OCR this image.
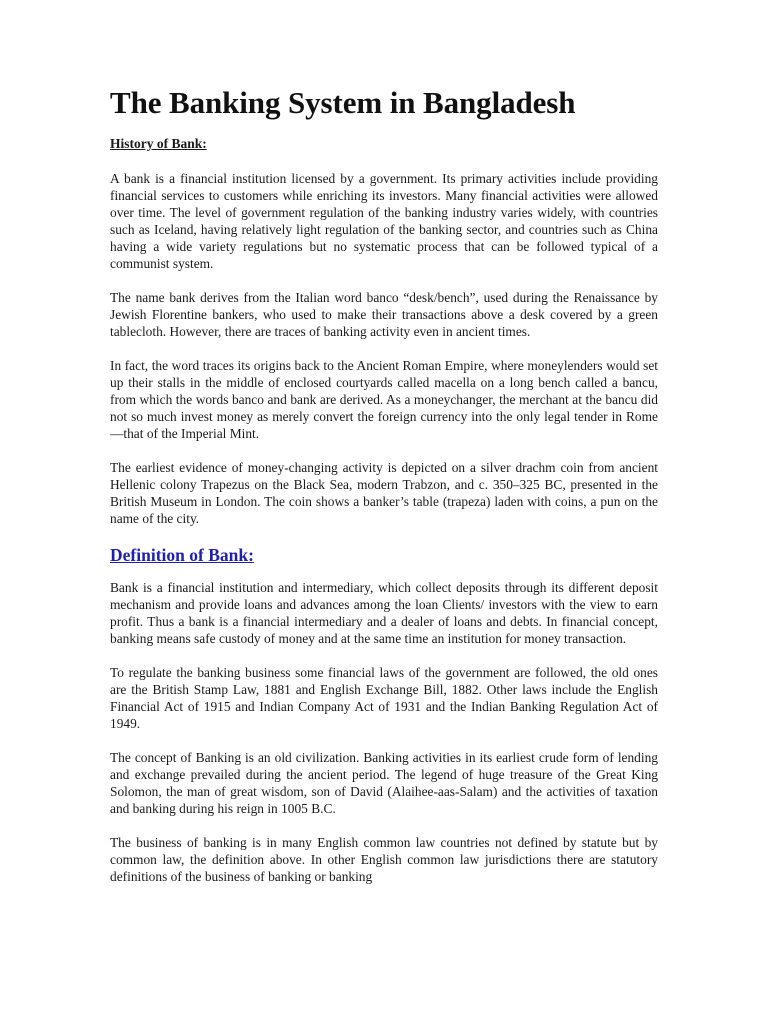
The Banking System in Bangladesh
History of Bank:

A bank is a financial institution licensed by a government. Its primary activities include providing financial services to customers while enriching its investors. Many financial activities were allowed over time. The level of government regulation of the banking industry varies widely, with countries such as Iceland, having relatively light regulation of the banking sector, and countries such as China having a wide variety regulations but no systematic process that can be followed typical of a communist system.

The name bank derives from the Italian word banco “desk/bench”, used during the Renaissance by Jewish Florentine bankers, who used to make their transactions above a desk covered by a green tablecloth. However, there are traces of banking activity even in ancient times.

In fact, the word traces its origins back to the Ancient Roman Empire, where moneylenders would set up their stalls in the middle of enclosed courtyards called macella on a long bench called a bancu, from which the words banco and bank are derived. As a moneychanger, the merchant at the bancu did not so much invest money as merely convert the foreign currency into the only legal tender in Rome—that of the Imperial Mint.

The earliest evidence of money-changing activity is depicted on a silver drachm coin from ancient Hellenic colony Trapezus on the Black Sea, modern Trabzon, and c. 350–325 BC, presented in the British Museum in London. The coin shows a banker’s table (trapeza) laden with coins, a pun on the name of the city.

Definition of Bank:

Bank is a financial institution and intermediary, which collect deposits through its different deposit mechanism and provide loans and advances among the loan Clients/ investors with the view to earn profit. Thus a bank is a financial intermediary and a dealer of loans and debts. In financial concept, banking means safe custody of money and at the same time an institution for money transaction.

To regulate the banking business some financial laws of the government are followed, the old ones are the British Stamp Law, 1881 and English Exchange Bill, 1882. Other laws include the English Financial Act of 1915 and Indian Company Act of 1931 and the Indian Banking Regulation Act of 1949.

The concept of Banking is an old civilization. Banking activities in its earliest crude form of lending and exchange prevailed during the ancient period. The legend of huge treasure of the Great King Solomon, the man of great wisdom, son of David (Alaihee-aas-Salam) and the activities of taxation and banking during his reign in 1005 B.C.

The business of banking is in many English common law countries not defined by statute but by common law, the definition above. In other English common law jurisdictions there are statutory definitions of the business of banking or banking
